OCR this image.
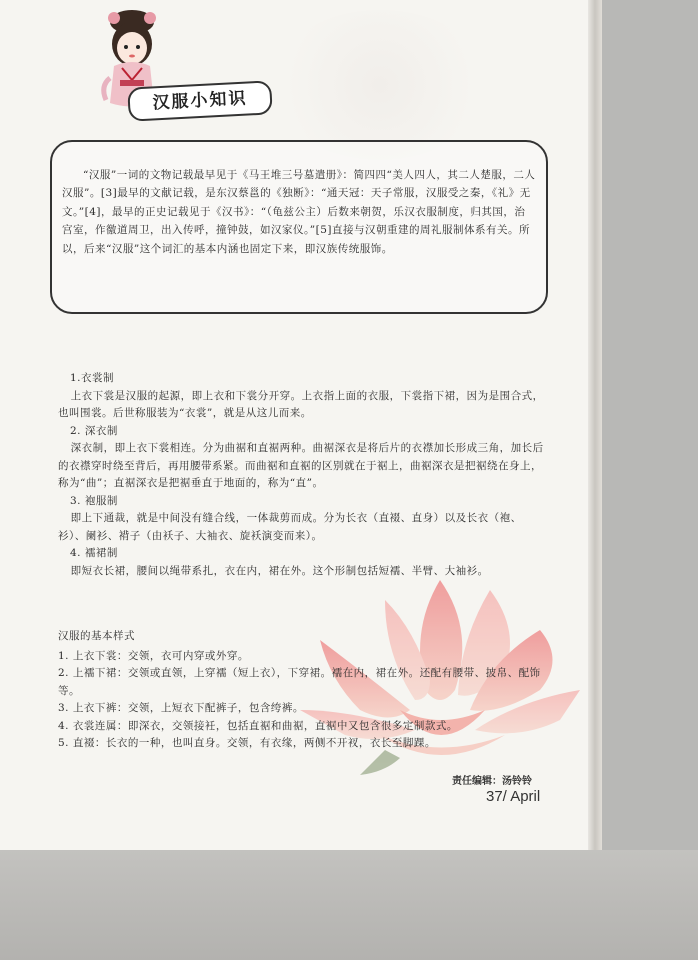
汉服小知识

“汉服”一词的文物记载最早见于《马王堆三号墓遣册》：简四四“美人四人，其二人楚服，二人汉服”。[3]最早的文献记载，是东汉蔡邕的《独断》：“通天冠：天子常服，汉服受之秦，《礼》无文。”[4]，最早的正史记载见于《汉书》：“（龟兹公主）后数来朝贺，乐汉衣服制度，归其国，治宫室，作徼道周卫，出入传呼，撞钟鼓，如汉家仪。”[5]直接与汉朝重建的周礼服制体系有关。所以，后来“汉服”这个词汇的基本内涵也固定下来，即汉族传统服饰。

1.衣裳制

上衣下裳是汉服的起源，即上衣和下裳分开穿。上衣指上面的衣服，下裳指下裙，因为是围合式，也叫围裳。后世称服装为“衣裳”，就是从这儿而来。

2. 深衣制

深衣制，即上衣下裳相连。分为曲裾和直裾两种。曲裾深衣是将后片的衣襟加长形成三角，加长后的衣襟穿时绕至背后，再用腰带系紧。而曲裾和直裾的区别就在于裾上，曲裾深衣是把裾绕在身上，称为“曲”；直裾深衣是把裾垂直于地面的，称为“直”。

3. 袍服制

即上下通裁，就是中间没有缝合线，一体裁剪而成。分为长衣（直裰、直身）以及长衣（袍、衫）、阑衫、褙子（由袄子、大袖衣、旋袄演变而来）。

4. 襦裙制

即短衣长裙，腰间以绳带系扎，衣在内，裙在外。这个形制包括短襦、半臂、大袖衫。

汉服的基本样式

1. 上衣下裳：交领，衣可内穿或外穿。

2. 上襦下裙：交领或直领，上穿襦（短上衣），下穿裙。襦在内，裙在外。还配有腰带、披帛、配饰等。

3. 上衣下裤：交领，上短衣下配裤子，包含绔裤。

4. 衣裳连属：即深衣，交领接衽，包括直裾和曲裾，直裾中又包含很多定制款式。

5. 直裰：长衣的一种，也叫直身。交领，有衣缘，两侧不开衩，衣长至脚踝。

责任编辑：汤铃铃
37/ April
